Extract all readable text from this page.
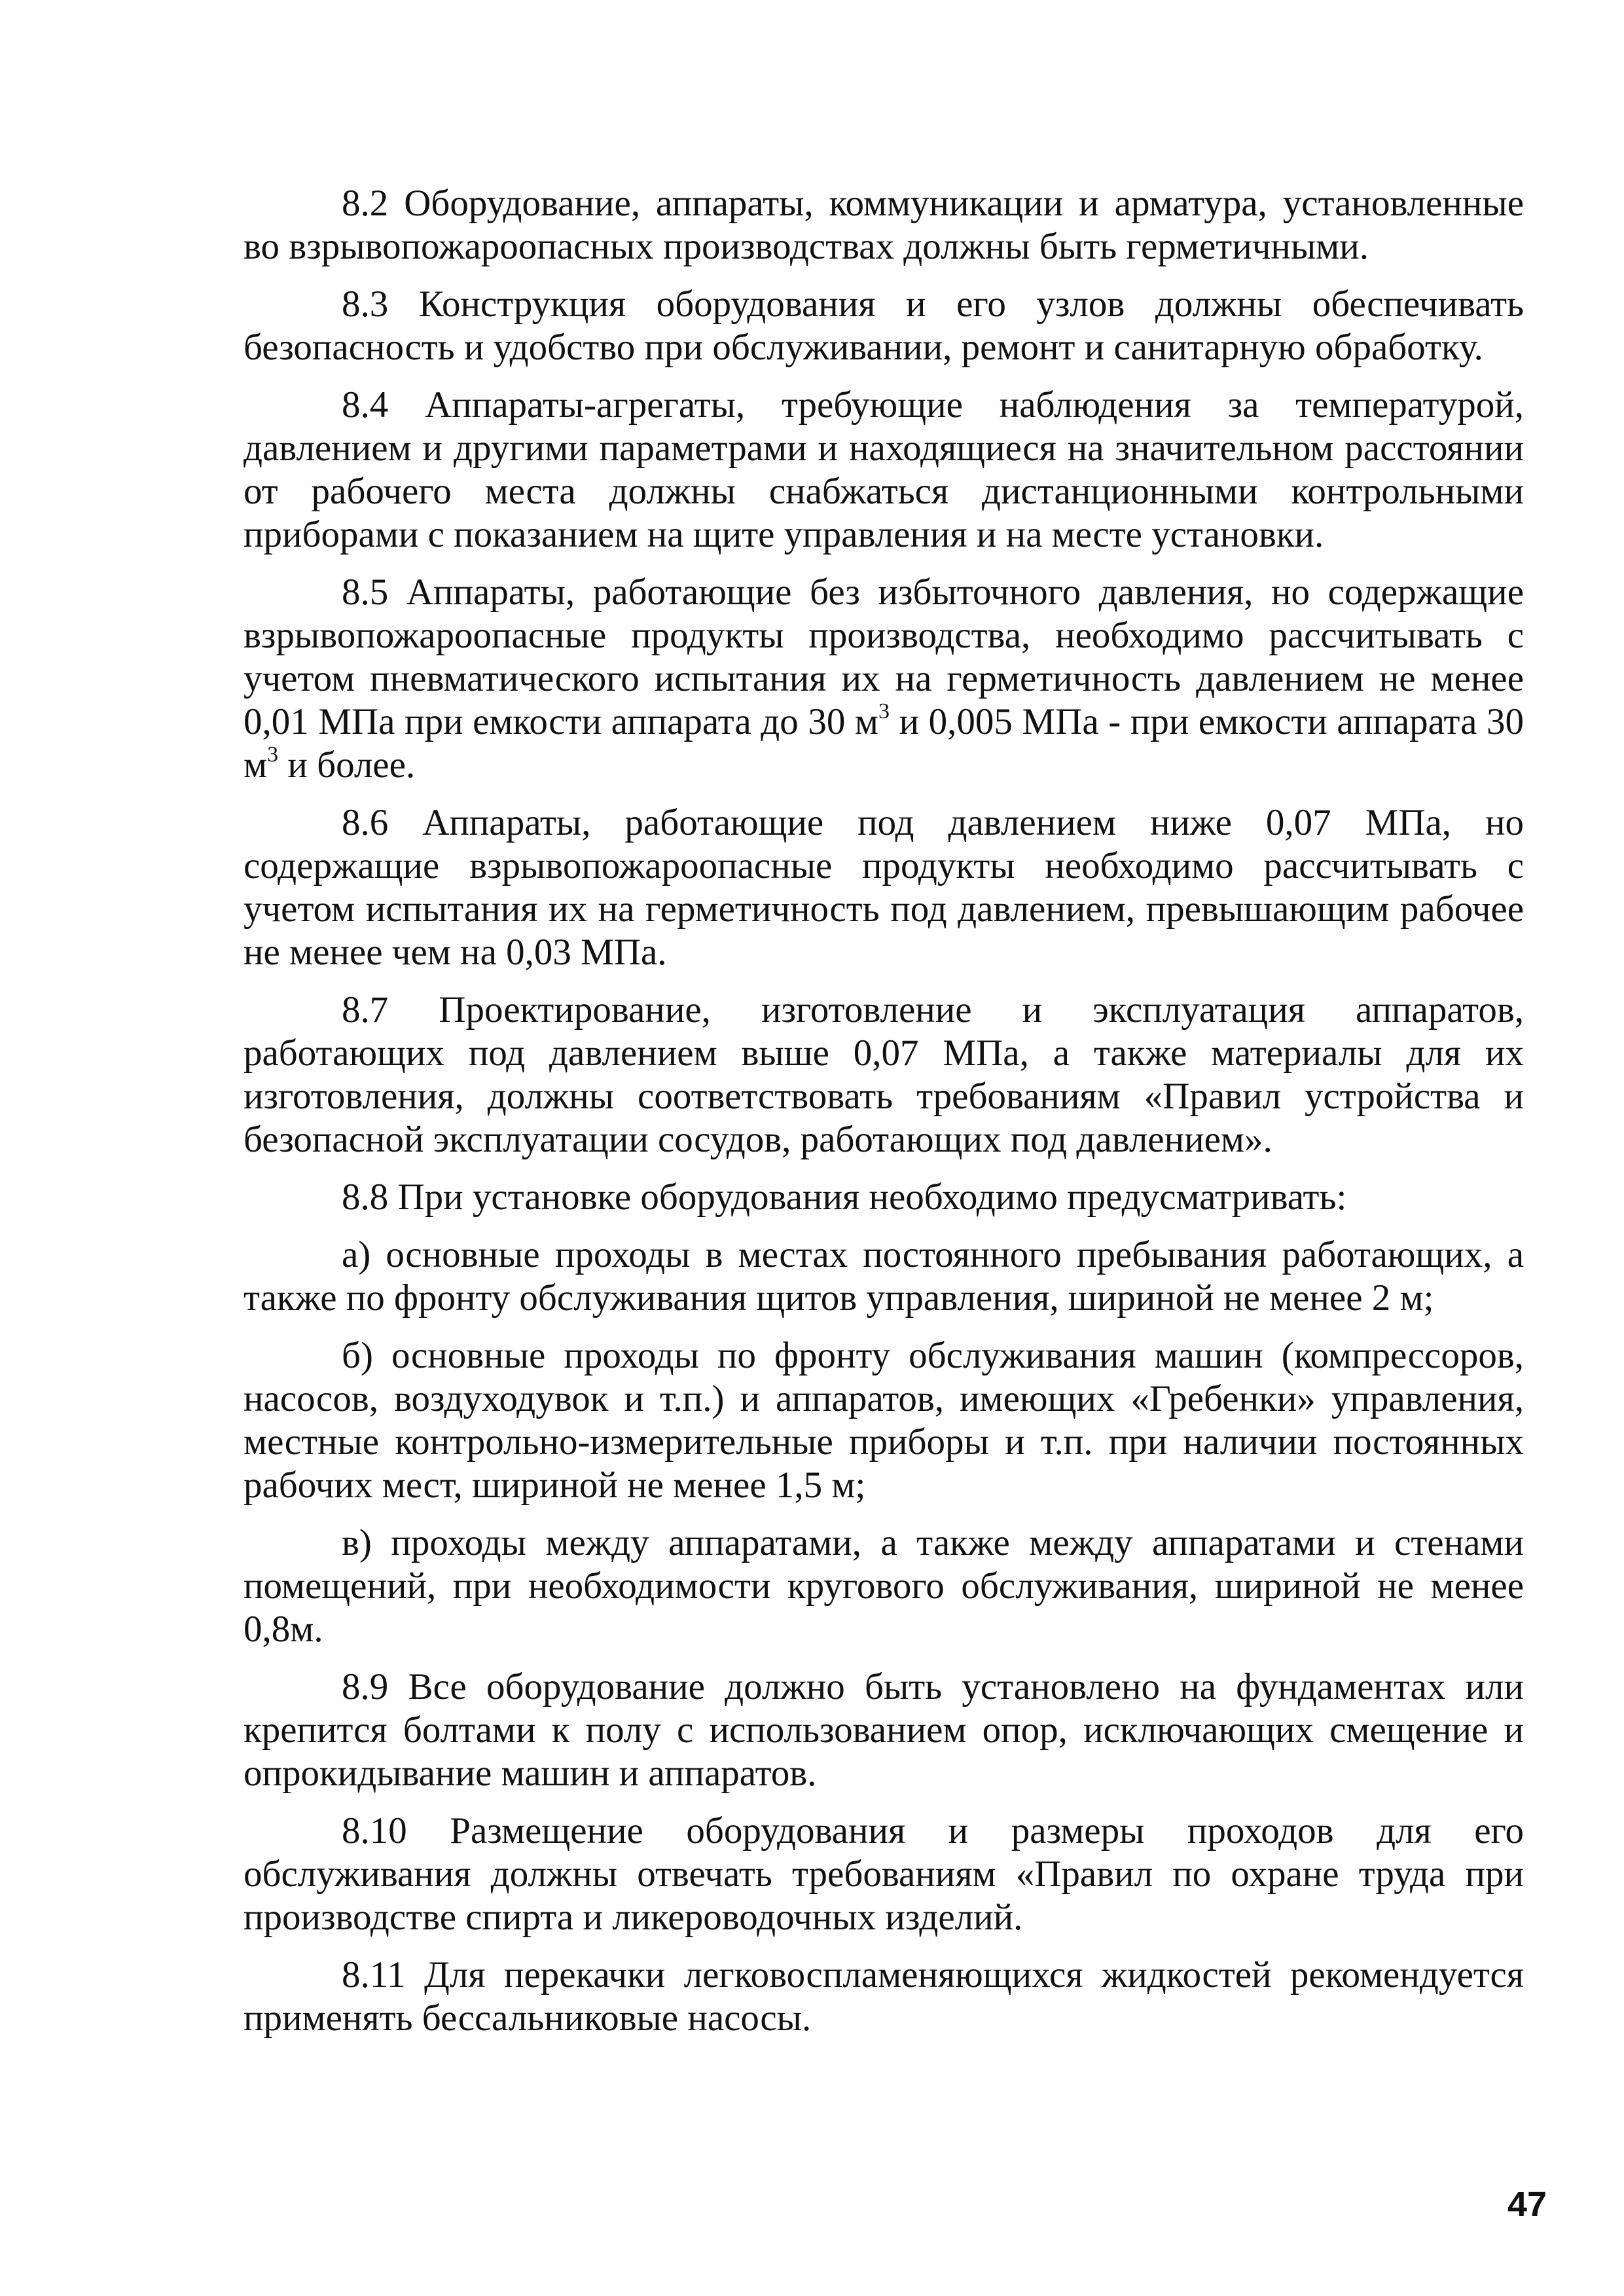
8.2 Оборудование, аппараты, коммуникации и арматура, установленные во взрывопожароопасных производствах должны быть герметичными.

8.3 Конструкция оборудования и его узлов должны обеспечивать безопасность и удобство при обслуживании, ремонт и санитарную обработку.

8.4 Аппараты-агрегаты, требующие наблюдения за температурой, давлением и другими параметрами и находящиеся на значительном расстоянии от рабочего места должны снабжаться дистанционными контрольными приборами с показанием на щите управления и на месте установки.

8.5 Аппараты, работающие без избыточного давления, но содержащие взрывопожароопасные продукты производства, необходимо рассчитывать с учетом пневматического испытания их на герметичность давлением не менее 0,01 МПа при емкости аппарата до 30 $м^3$ и 0,005 МПа - при емкости аппарата 30 $м^3$ и более.

8.6 Аппараты, работающие под давлением ниже 0,07 МПа, но содержащие взрывопожароопасные продукты необходимо рассчитывать с учетом испытания их на герметичность под давлением, превышающим рабочее не менее чем на 0,03 МПа.

8.7 Проектирование, изготовление и эксплуатация аппаратов, работающих под давлением выше 0,07 МПа, а также материалы для их изготовления, должны соответствовать требованиям «Правил устройства и безопасной эксплуатации сосудов, работающих под давлением».

8.8 При установке оборудования необходимо предусматривать:

а) основные проходы в местах постоянного пребывания работающих, а также по фронту обслуживания щитов управления, шириной не менее 2 м;

б) основные проходы по фронту обслуживания машин (компрессоров, насосов, воздуходувок и т.п.) и аппаратов, имеющих «Гребенки» управления, местные контрольно-измерительные приборы и т.п. при наличии постоянных рабочих мест, шириной не менее 1,5 м;

в) проходы между аппаратами, а также между аппаратами и стенами помещений, при необходимости кругового обслуживания, шириной не менее 0,8м.

8.9 Все оборудование должно быть установлено на фундаментах или крепится болтами к полу с использованием опор, исключающих смещение и опрокидывание машин и аппаратов.

8.10 Размещение оборудования и размеры проходов для его обслуживания должны отвечать требованиям «Правил по охране труда при производстве спирта и ликероводочных изделий.

8.11 Для перекачки легковоспламеняющихся жидкостей рекомендуется применять бессальниковые насосы.

47
